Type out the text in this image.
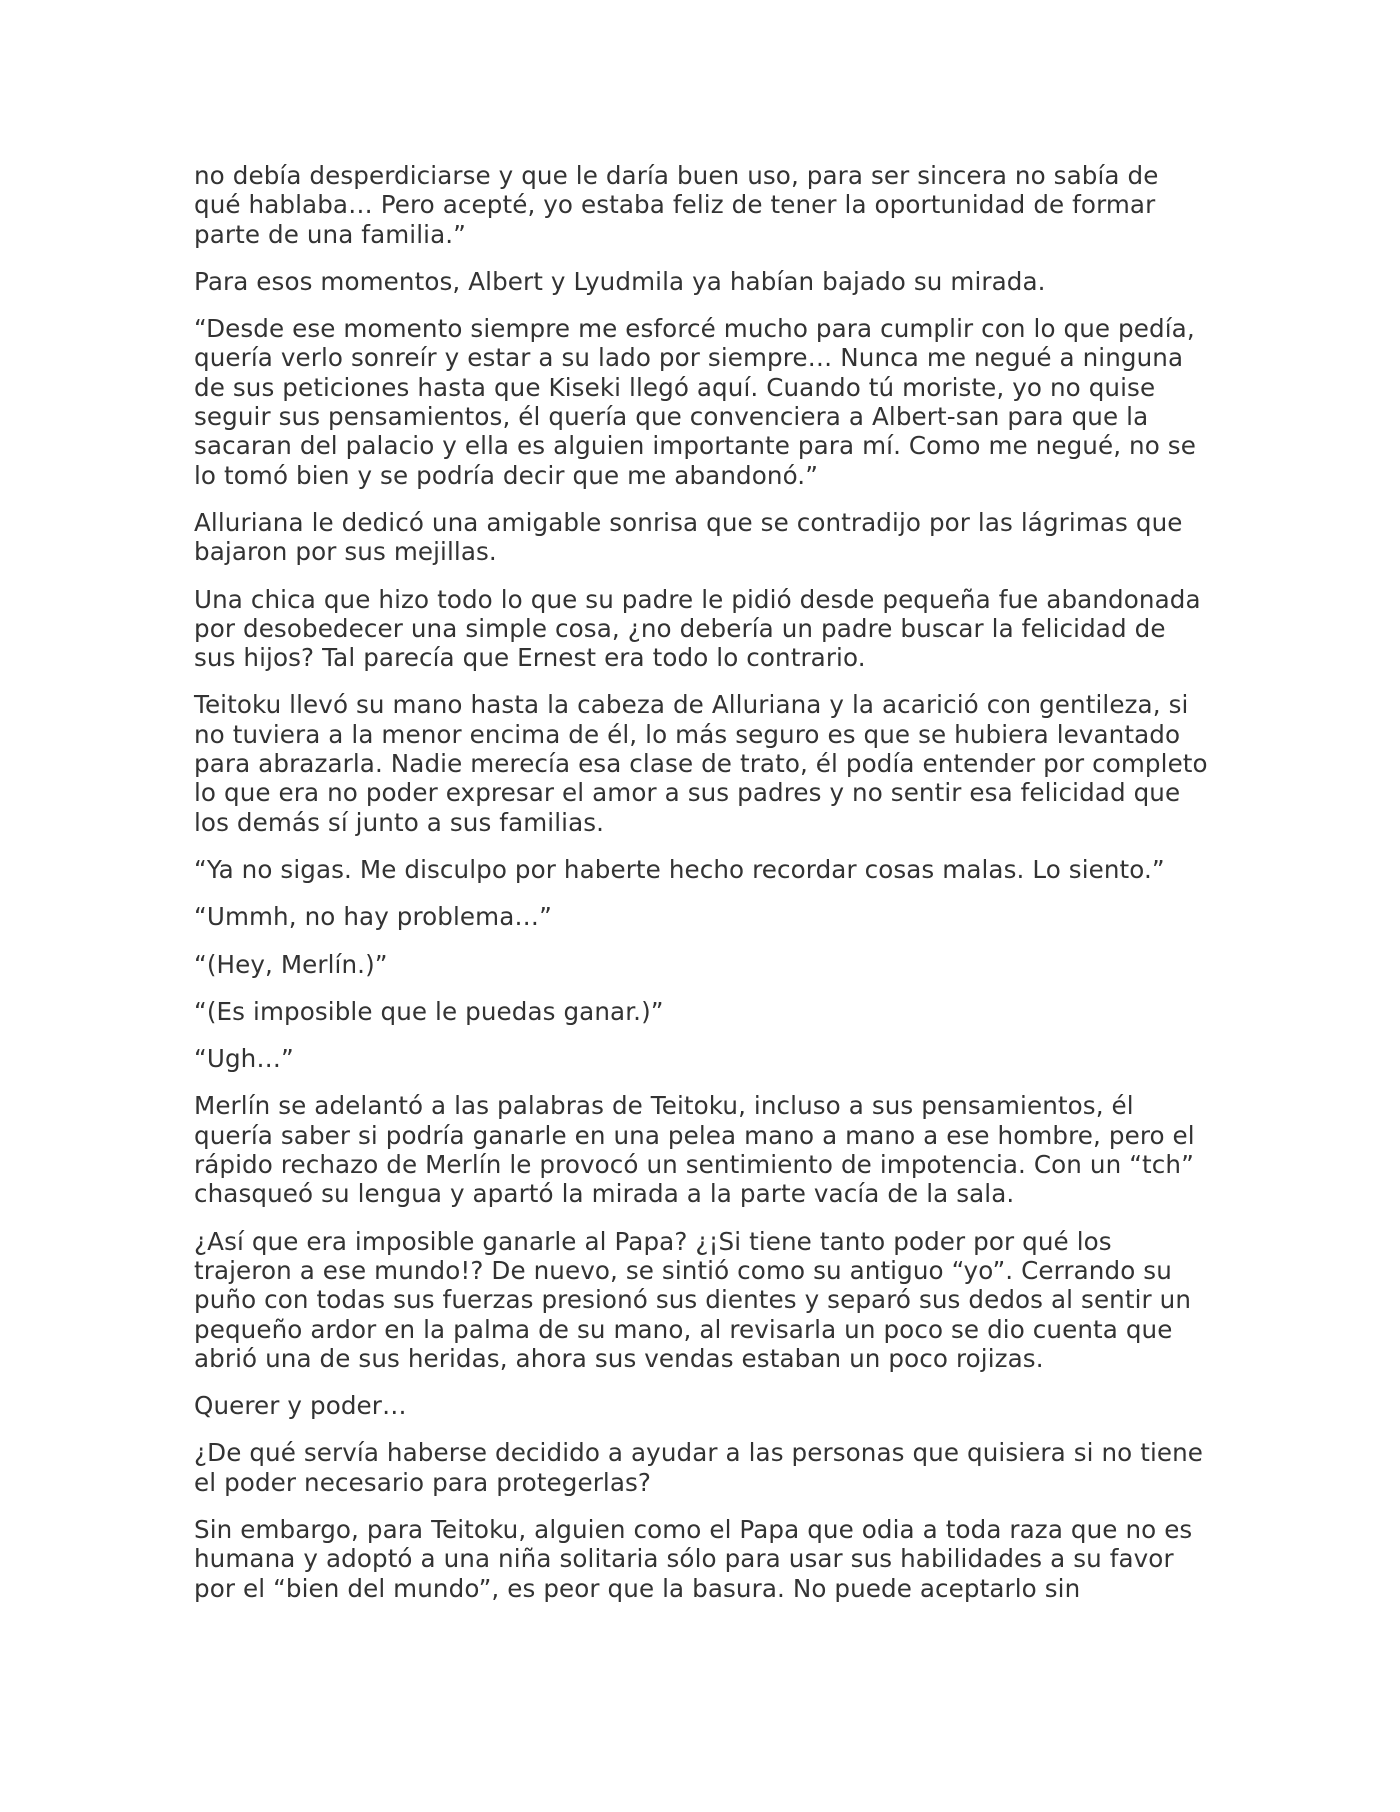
no debía desperdiciarse y que le daría buen uso, para ser sincera no sabía de qué hablaba… Pero acepté, yo estaba feliz de tener la oportunidad de formar parte de una familia.”

Para esos momentos, Albert y Lyudmila ya habían bajado su mirada.

“Desde ese momento siempre me esforcé mucho para cumplir con lo que pedía, quería verlo sonreír y estar a su lado por siempre… Nunca me negué a ninguna de sus peticiones hasta que Kiseki llegó aquí. Cuando tú moriste, yo no quise seguir sus pensamientos, él quería que convenciera a Albert-san para que la sacaran del palacio y ella es alguien importante para mí. Como me negué, no se lo tomó bien y se podría decir que me abandonó.”

Alluriana le dedicó una amigable sonrisa que se contradijo por las lágrimas que bajaron por sus mejillas.

Una chica que hizo todo lo que su padre le pidió desde pequeña fue abandonada por desobedecer una simple cosa, ¿no debería un padre buscar la felicidad de sus hijos? Tal parecía que Ernest era todo lo contrario.

Teitoku llevó su mano hasta la cabeza de Alluriana y la acarició con gentileza, si no tuviera a la menor encima de él, lo más seguro es que se hubiera levantado para abrazarla. Nadie merecía esa clase de trato, él podía entender por completo lo que era no poder expresar el amor a sus padres y no sentir esa felicidad que los demás sí junto a sus familias.

“Ya no sigas. Me disculpo por haberte hecho recordar cosas malas. Lo siento.”

“Ummh, no hay problema…”

“(Hey, Merlín.)”

“(Es imposible que le puedas ganar.)”

“Ugh…”

Merlín se adelantó a las palabras de Teitoku, incluso a sus pensamientos, él quería saber si podría ganarle en una pelea mano a mano a ese hombre, pero el rápido rechazo de Merlín le provocó un sentimiento de impotencia. Con un “tch” chasqueó su lengua y apartó la mirada a la parte vacía de la sala.

¿Así que era imposible ganarle al Papa? ¿¡Si tiene tanto poder por qué los trajeron a ese mundo!? De nuevo, se sintió como su antiguo “yo”. Cerrando su puño con todas sus fuerzas presionó sus dientes y separó sus dedos al sentir un pequeño ardor en la palma de su mano, al revisarla un poco se dio cuenta que abrió una de sus heridas, ahora sus vendas estaban un poco rojizas.

Querer y poder…

¿De qué servía haberse decidido a ayudar a las personas que quisiera si no tiene el poder necesario para protegerlas?

Sin embargo, para Teitoku, alguien como el Papa que odia a toda raza que no es humana y adoptó a una niña solitaria sólo para usar sus habilidades a su favor por el “bien del mundo”, es peor que la basura. No puede aceptarlo sin
